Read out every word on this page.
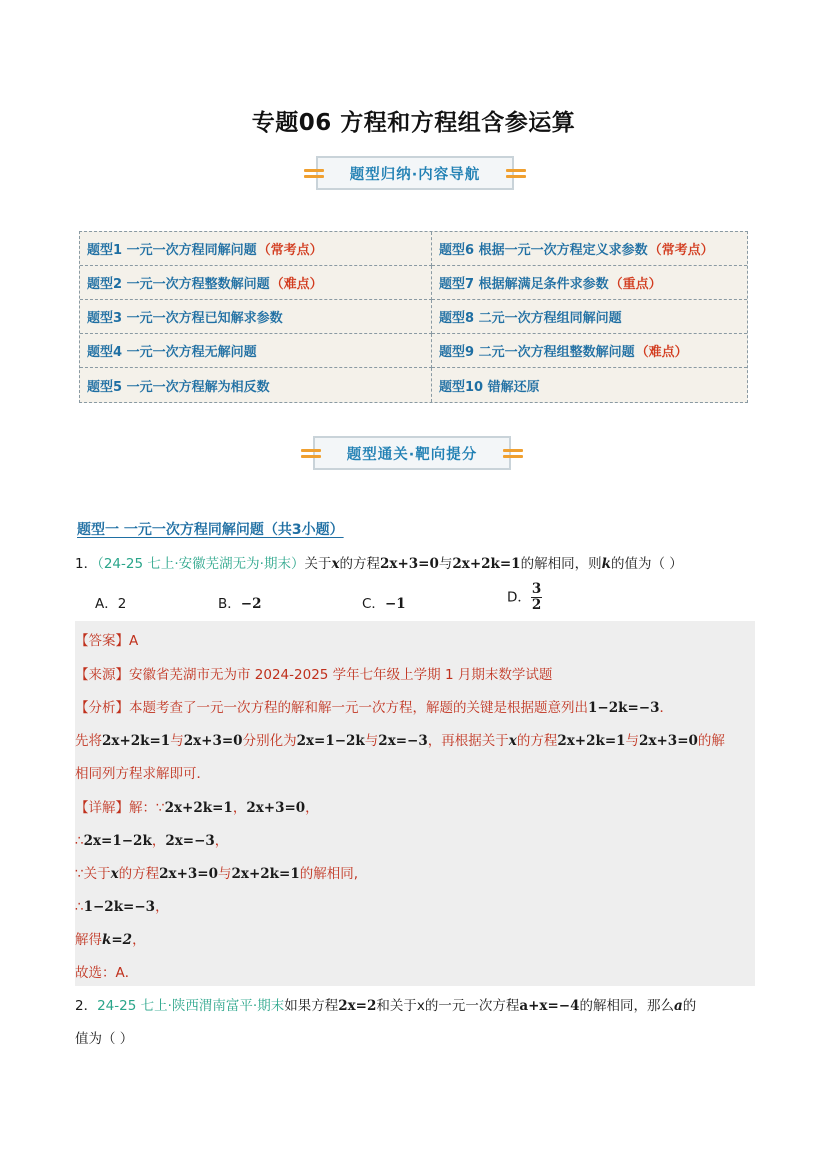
专题06 方程和方程组含参运算
题型归纳·内容导航
题型1 一元一次方程同解问题 （常考点）	题型6 根据一元一次方程定义求参数 （常考点）
题型2 一元一次方程整数解问题 （难点）	题型7 根据解满足条件求参数 （重点）
题型3 一元一次方程已知解求参数	题型8 二元一次方程组同解问题
题型4 一元一次方程无解问题	题型9 二元一次方程组整数解问题 （难点）
题型5 一元一次方程解为相反数	题型10 错解还原
题型通关·靶向提分
题型一 一元一次方程同解问题（共3小题）
1．（24-25 七上·安徽芜湖无为·期末）关于x的方程2x+3=0与2x+2k=1的解相同，则k的值为（ ）
A．2	B．−2	C．−1	D． $\frac{3}{2}$
【答案】A
【来源】安徽省芜湖市无为市 2024-2025 学年七年级上学期 1 月期末数学试题
【分析】本题考查了一元一次方程的解和解一元一次方程，解题的关键是根据题意列出1−2k=−3．
先将2x+2k=1与2x+3=0分别化为2x=1−2k与2x=−3，再根据关于x的方程2x+2k=1与2x+3=0的解
相同列方程求解即可．
【详解】解：∵2x+2k=1，2x+3=0，
∴2x=1−2k，2x=−3，
∵关于x的方程2x+3=0与2x+2k=1的解相同,
∴1−2k=−3，
解得k=2，
故选：A．
2．24-25 七上·陕西渭南富平·期末如果方程2x=2和关于x的一元一次方程a+x=−4的解相同，那么a的
值为（ ）
